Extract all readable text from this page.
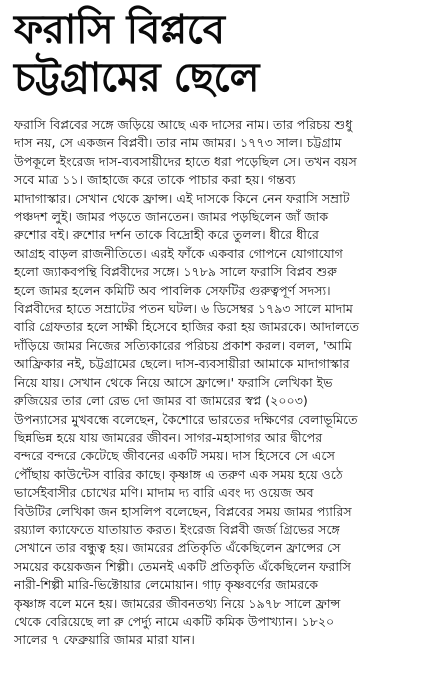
ফরাসি বিপ্লবে
চট্টগ্রামের ছেলে
ফরাসি বিপ্লবের সঙ্গে জড়িয়ে আছে এক দাসের নাম। তার পরিচয় শুধু
দাস নয়, সে একজন বিপ্লবী। তার নাম জামর। ১৭৭৩ সাল। চট্টগ্রাম
উপকূলে ইংরেজ দাস-ব্যবসায়ীদের হাতে ধরা পড়েছিল সে। তখন বয়স
সবে মাত্র ১১। জাহাজে করে তাকে পাচার করা হয়। গন্তব্য
মাদাগাস্কার। সেখান থেকে ফ্রান্স। এই দাসকে কিনে নেন ফরাসি সম্রাট
পঞ্চদশ লুই। জামর পড়তে জানতেন। জামর পড়ছিলেন জাঁ জাক
রুশোর বই। রুশোর দর্শন তাকে বিদ্রোহী করে তুলল। ধীরে ধীরে
আগ্রহ বাড়ল রাজনীতিতে। এরই ফাঁকে একবার গোপনে যোগাযোগ
হলো জ্যাকবপন্থি বিপ্লবীদের সঙ্গে। ১৭৮৯ সালে ফরাসি বিপ্লব শুরু
হলে জামর হলেন কমিটি অব পাবলিক সেফটির গুরুত্বপূর্ণ সদস্য।
বিপ্লবীদের হাতে সম্রাটের পতন ঘটল। ৬ ডিসেম্বর ১৭৯৩ সালে মাদাম
বারি গ্রেফতার হলে সাক্ষী হিসেবে হাজির করা হয় জামরকে। আদালতে
দাঁড়িয়ে জামর নিজের সত্যিকারের পরিচয় প্রকাশ করল। বলল, 'আমি
আফ্রিকার নই, চট্টগ্রামের ছেলে। দাস-ব্যবসায়ীরা আমাকে মাদাগাস্কার
নিয়ে যায়। সেখান থেকে নিয়ে আসে ফ্রান্সে।' ফরাসি লেখিকা ইভ
রুজিয়ের তার লো রেভ দো জামর বা জামরের স্বপ্ন (২০০৩)
উপন্যাসের মুখবন্ধে বলেছেন, কৈশোরে ভারতের দক্ষিণের বেলাভূমিতে
ছিন্নভিন্ন হয়ে যায় জামরের জীবন। সাগর-মহাসাগর আর দ্বীপের
বন্দরে বন্দরে কেটেছে জীবনের একটি সময়। দাস হিসেবে সে এসে
পৌঁছায় কাউন্টেস বারির কাছে। কৃষ্ণাঙ্গ এ তরুণ এক সময় হয়ে ওঠে
ভার্সেইবাসীর চোখের মণি। মাদাম দ্য বারি এবং দ্য ওয়েজ অব
বিউটির লেখিকা জন হাসলিপ বলেছেন, বিপ্লবের সময় জামর প্যারিস
রয়্যাল ক্যাফেতে যাতায়াত করত। ইংরেজ বিপ্লবী জর্জ গ্রিভের সঙ্গে
সেখানে তার বন্ধুত্ব হয়। জামরের প্রতিকৃতি এঁকেছিলেন ফ্রান্সের সে
সময়ের কয়েকজন শিল্পী। তেমনই একটি প্রতিকৃতি এঁকেছিলেন ফরাসি
নারী-শিল্পী মারি-ভিক্টোয়ার লেমোয়ান। গাঢ় কৃষ্ণবর্ণের জামরকে
কৃষ্ণাঙ্গ বলে মনে হয়। জামরের জীবনতথ্য নিয়ে ১৯৭৮ সালে ফ্রান্স
থেকে বেরিয়েছে লা রু পের্দ্যু নামে একটি কমিক উপাখ্যান। ১৮২০
সালের ৭ ফেব্রুয়ারি জামর মারা যান।
